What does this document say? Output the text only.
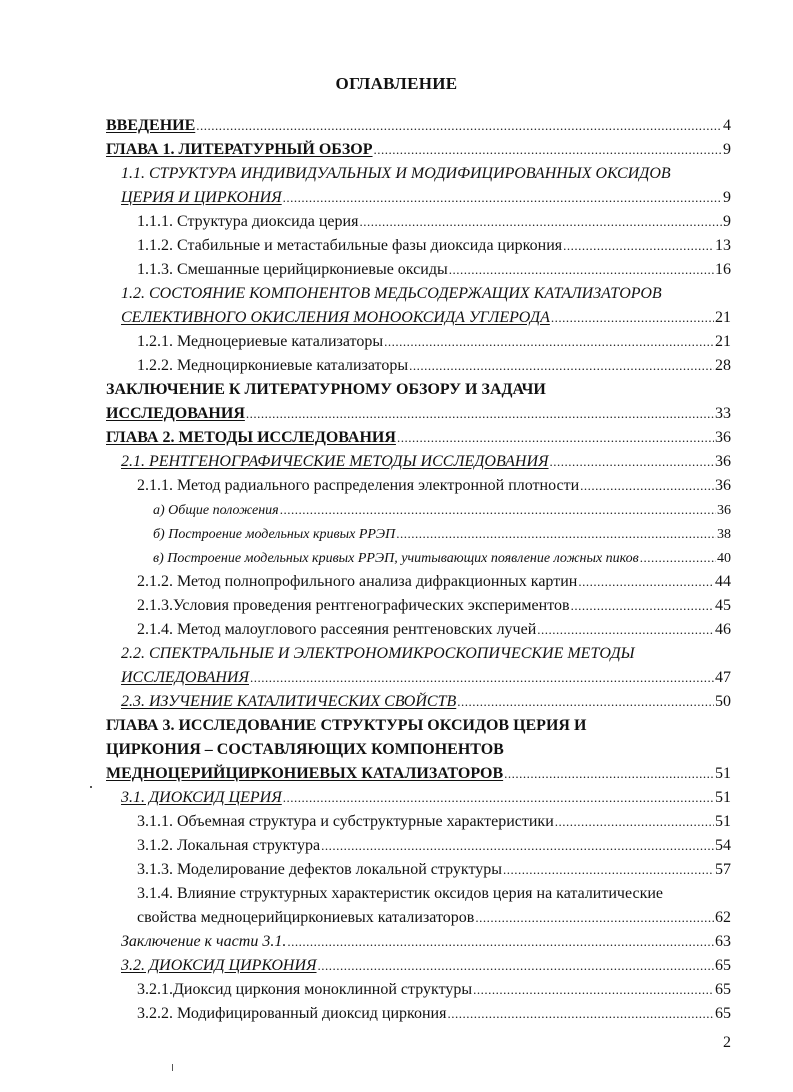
ОГЛАВЛЕНИЕ
ВВЕДЕНИЕ .....	4
ГЛАВА 1. ЛИТЕРАТУРНЫЙ ОБЗОР .....	9
1.1. СТРУКТУРА ИНДИВИДУАЛЬНЫХ И МОДИФИЦИРОВАННЫХ ОКСИДОВ
ЦЕРИЯ И ЦИРКОНИЯ .....	9
1.1.1. Структура диоксида церия .....	9
1.1.2. Стабильные и метастабильные фазы диоксида циркония .....	13
1.1.3. Смешанные церийциркониевые оксиды .....	16
1.2. СОСТОЯНИЕ КОМПОНЕНТОВ МЕДЬСОДЕРЖАЩИХ КАТАЛИЗАТОРОВ
СЕЛЕКТИВНОГО ОКИСЛЕНИЯ МОНООКСИДА УГЛЕРОДА .....	21
1.2.1. Медноцериевые катализаторы .....	21
1.2.2. Медноциркониевые катализаторы .....	28
ЗАКЛЮЧЕНИЕ К ЛИТЕРАТУРНОМУ ОБЗОРУ И ЗАДАЧИ
ИССЛЕДОВАНИЯ .....	33
ГЛАВА 2. МЕТОДЫ ИССЛЕДОВАНИЯ .....	36
2.1. РЕНТГЕНОГРАФИЧЕСКИЕ МЕТОДЫ ИССЛЕДОВАНИЯ .....	36
2.1.1. Метод радиального распределения электронной плотности .....	36
а) Общие положения .....	36
б) Построение модельных кривых РРЭП .....	38
в) Построение модельных кривых РРЭП, учитывающих появление ложных пиков .....	40
2.1.2. Метод полнопрофильного анализа дифракционных картин .....	44
2.1.3.Условия проведения рентгенографических экспериментов .....	45
2.1.4. Метод малоуглового рассеяния рентгеновских лучей .....	46
2.2. СПЕКТРАЛЬНЫЕ И ЭЛЕКТРОНОМИКРОСКОПИЧЕСКИЕ МЕТОДЫ
ИССЛЕДОВАНИЯ .....	47
2.3. ИЗУЧЕНИЕ КАТАЛИТИЧЕСКИХ СВОЙСТВ .....	50
ГЛАВА 3. ИССЛЕДОВАНИЕ СТРУКТУРЫ ОКСИДОВ ЦЕРИЯ И
ЦИРКОНИЯ – СОСТАВЛЯЮЩИХ КОМПОНЕНТОВ
МЕДНОЦЕРИЙЦИРКОНИЕВЫХ КАТАЛИЗАТОРОВ .....	51
3.1. ДИОКСИД ЦЕРИЯ .....	51
3.1.1. Объемная структура и субструктурные характеристики .....	51
3.1.2. Локальная структура .....	54
3.1.3. Моделирование дефектов локальной структуры .....	57
3.1.4. Влияние структурных характеристик оксидов церия на каталитические
свойства медноцерийциркониевых катализаторов .....	62
Заключение к части 3.1. .....	63
3.2. ДИОКСИД ЦИРКОНИЯ .....	65
3.2.1.Диоксид циркония моноклинной структуры .....	65
3.2.2. Модифицированный диоксид циркония .....	65
2
